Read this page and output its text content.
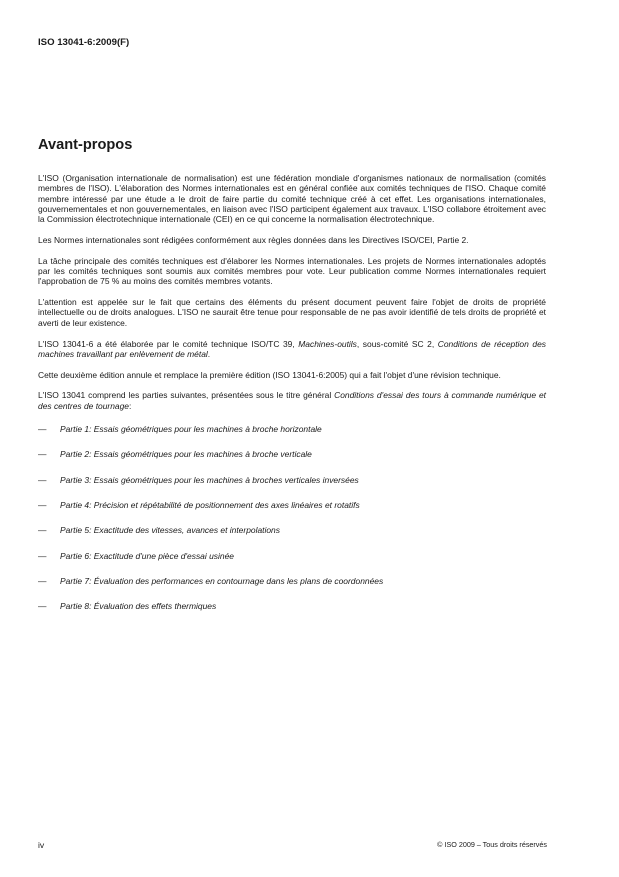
ISO 13041-6:2009(F)
Avant-propos

L'ISO (Organisation internationale de normalisation) est une fédération mondiale d'organismes nationaux de normalisation (comités membres de l'ISO). L'élaboration des Normes internationales est en général confiée aux comités techniques de l'ISO. Chaque comité membre intéressé par une étude a le droit de faire partie du comité technique créé à cet effet. Les organisations internationales, gouvernementales et non gouvernementales, en liaison avec l'ISO participent également aux travaux. L'ISO collabore étroitement avec la Commission électrotechnique internationale (CEI) en ce qui concerne la normalisation électrotechnique.

Les Normes internationales sont rédigées conformément aux règles données dans les Directives ISO/CEI, Partie 2.

La tâche principale des comités techniques est d'élaborer les Normes internationales. Les projets de Normes internationales adoptés par les comités techniques sont soumis aux comités membres pour vote. Leur publication comme Normes internationales requiert l'approbation de 75 % au moins des comités membres votants.

L'attention est appelée sur le fait que certains des éléments du présent document peuvent faire l'objet de droits de propriété intellectuelle ou de droits analogues. L'ISO ne saurait être tenue pour responsable de ne pas avoir identifié de tels droits de propriété et averti de leur existence.

L'ISO 13041-6 a été élaborée par le comité technique ISO/TC 39, Machines-outils, sous-comité SC 2, Conditions de réception des machines travaillant par enlèvement de métal.

Cette deuxième édition annule et remplace la première édition (ISO 13041-6:2005) qui a fait l'objet d'une révision technique.

L'ISO 13041 comprend les parties suivantes, présentées sous le titre général Conditions d'essai des tours à commande numérique et des centres de tournage:

— Partie 1: Essais géométriques pour les machines à broche horizontale
— Partie 2: Essais géométriques pour les machines à broche verticale
— Partie 3: Essais géométriques pour les machines à broches verticales inversées
— Partie 4: Précision et répétabilité de positionnement des axes linéaires et rotatifs
— Partie 5: Exactitude des vitesses, avances et interpolations
— Partie 6: Exactitude d'une pièce d'essai usinée
— Partie 7: Évaluation des performances en contournage dans les plans de coordonnées
— Partie 8: Évaluation des effets thermiques
iv	© ISO 2009 – Tous droits réservés
